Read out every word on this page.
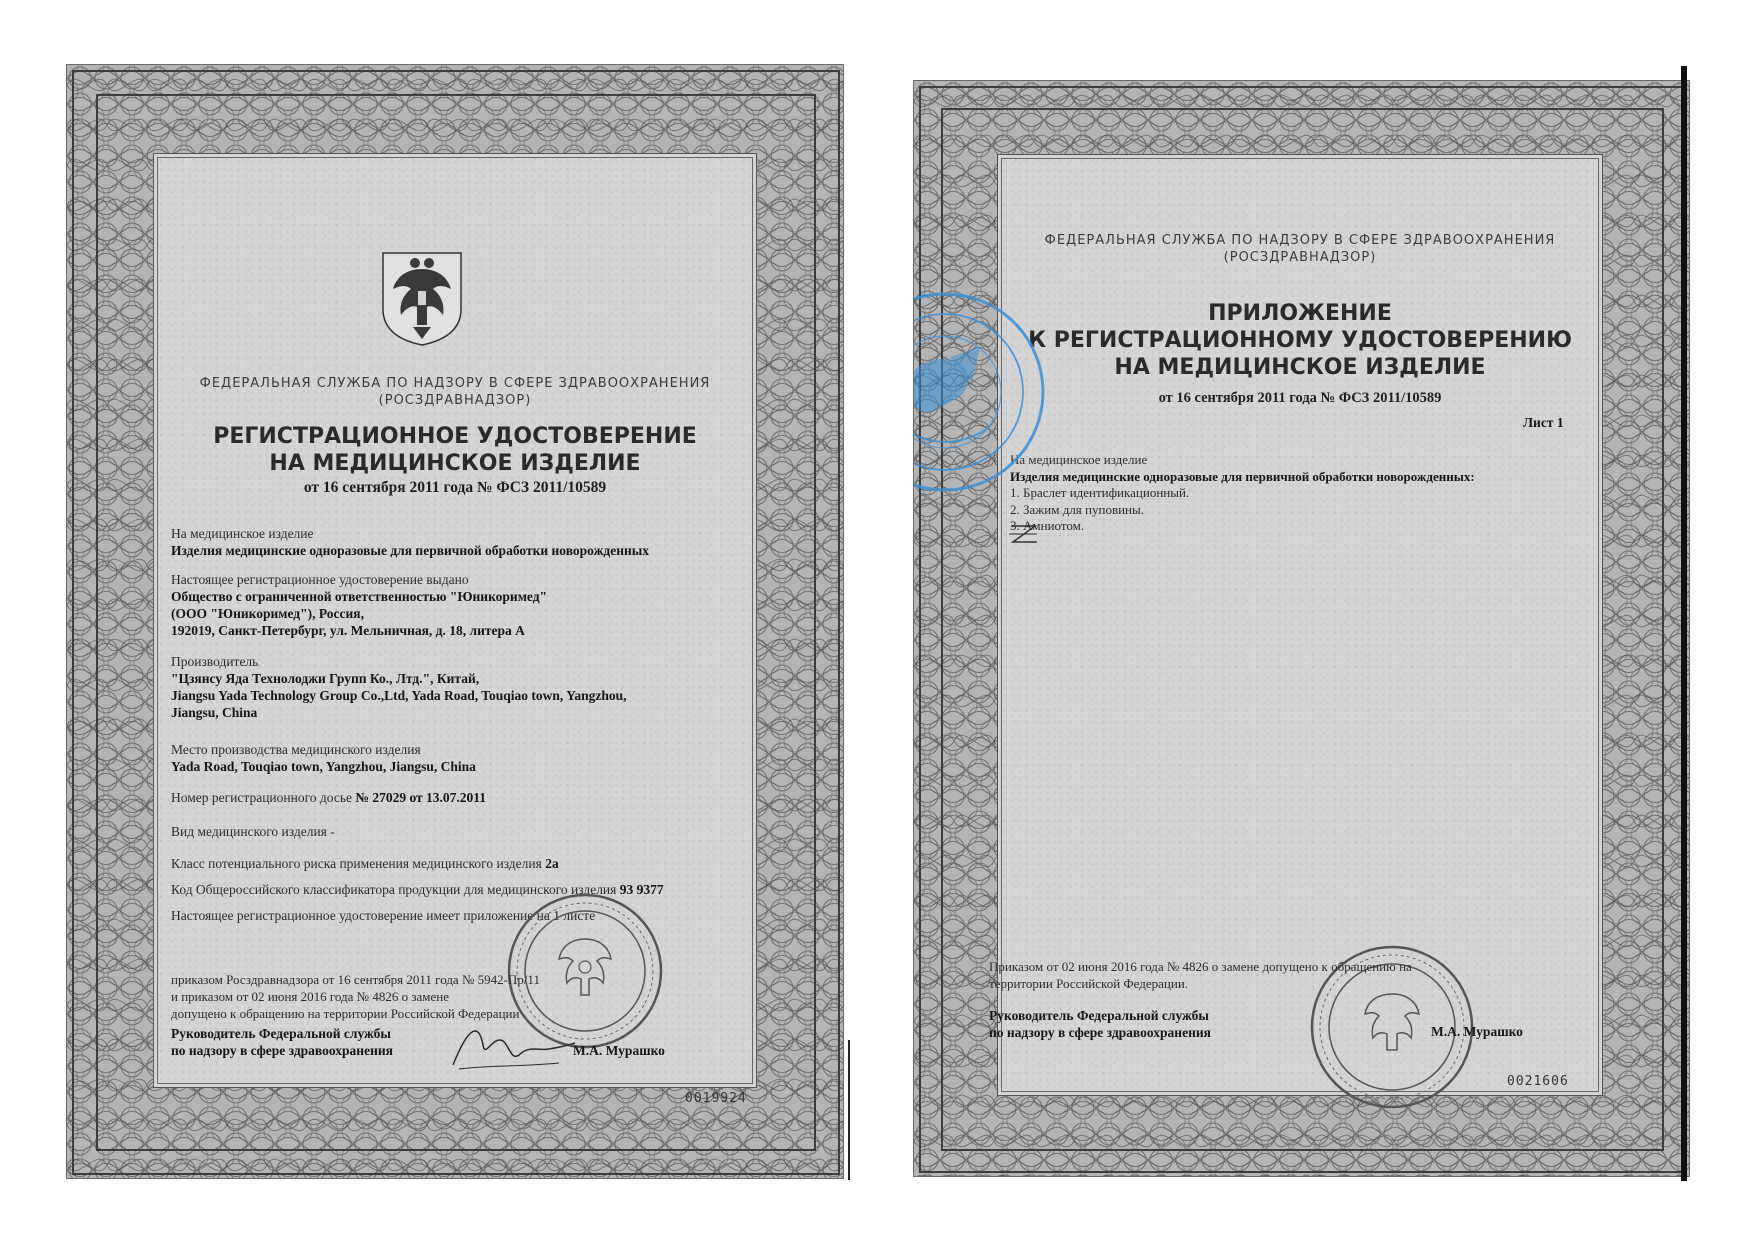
ФЕДЕРАЛЬНАЯ СЛУЖБА ПО НАДЗОРУ В СФЕРЕ ЗДРАВООХРАНЕНИЯ
(РОСЗДРАВНАДЗОР)
РЕГИСТРАЦИОННОЕ УДОСТОВЕРЕНИЕ
НА МЕДИЦИНСКОЕ ИЗДЕЛИЕ
от 16 сентября 2011 года № ФСЗ 2011/10589
На медицинское изделие
Изделия медицинские одноразовые для первичной обработки новорожденных
Настоящее регистрационное удостоверение выдано
Общество с ограниченной ответственностью "Юникоримед"
(ООО "Юникоримед"), Россия,
192019, Санкт-Петербург, ул. Мельничная, д. 18, литера А
Производитель
"Цзянсу Яда Технолоджи Групп Ко., Лтд.", Китай,
Jiangsu Yada Technology Group Co.,Ltd, Yada Road, Touqiao town, Yangzhou,
Jiangsu, China
Место производства медицинского изделия
Yada Road, Touqiao town, Yangzhou, Jiangsu, China
Номер регистрационного досье № 27029 от 13.07.2011
Вид медицинского изделия -
Класс потенциального риска применения медицинского изделия 2а
Код Общероссийского классификатора продукции для медицинского изделия 93 9377
Настоящее регистрационное удостоверение имеет приложение на 1 листе
приказом Росздравнадзора от 16 сентября 2011 года № 5942-Пр/11
и приказом от 02 июня 2016 года № 4826 о замене
допущено к обращению на территории Российской Федерации
Руководитель Федеральной службы
по надзору в сфере здравоохранения	М.А. Мурашко
0019924
ФЕДЕРАЛЬНАЯ СЛУЖБА ПО НАДЗОРУ В СФЕРЕ ЗДРАВООХРАНЕНИЯ
(РОСЗДРАВНАДЗОР)
ПРИЛОЖЕНИЕ
К РЕГИСТРАЦИОННОМУ УДОСТОВЕРЕНИЮ
НА МЕДИЦИНСКОЕ ИЗДЕЛИЕ
от 16 сентября 2011 года № ФСЗ 2011/10589
Лист 1
На медицинское изделие
Изделия медицинские одноразовые для первичной обработки новорожденных:
1. Браслет идентификационный.
2. Зажим для пуповины.
3. Амниотом.
Приказом от 02 июня 2016 года № 4826 о замене допущено к обращению на
территории Российской Федерации.
Руководитель Федеральной службы
по надзору в сфере здравоохранения	М.А. Мурашко
0021606
